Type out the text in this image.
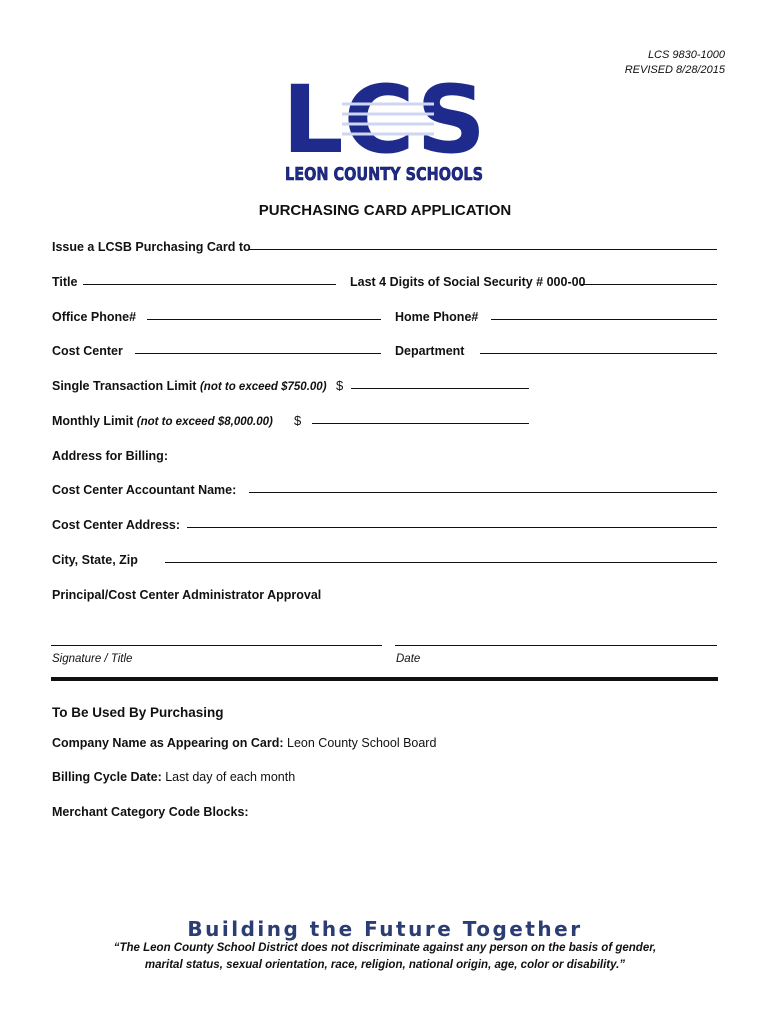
LCS 9830-1000
REVISED 8/28/2015
LCS
LEON COUNTY SCHOOLS
PURCHASING CARD APPLICATION
Issue a LCSB Purchasing Card to
Title	Last 4 Digits of Social Security # 000-00
Office Phone#	Home Phone#
Cost Center	Department
Single Transaction Limit (not to exceed $750.00) $
Monthly Limit (not to exceed $8,000.00) $
Address for Billing:
Cost Center Accountant Name:
Cost Center Address:
City, State, Zip
Principal/Cost Center Administrator Approval
Signature / Title	Date
To Be Used By Purchasing
Company Name as Appearing on Card: Leon County School Board
Billing Cycle Date: Last day of each month
Merchant Category Code Blocks:
Building the Future Together
“The Leon County School District does not discriminate against any person on the basis of gender,
marital status, sexual orientation, race, religion, national origin, age, color or disability.”
